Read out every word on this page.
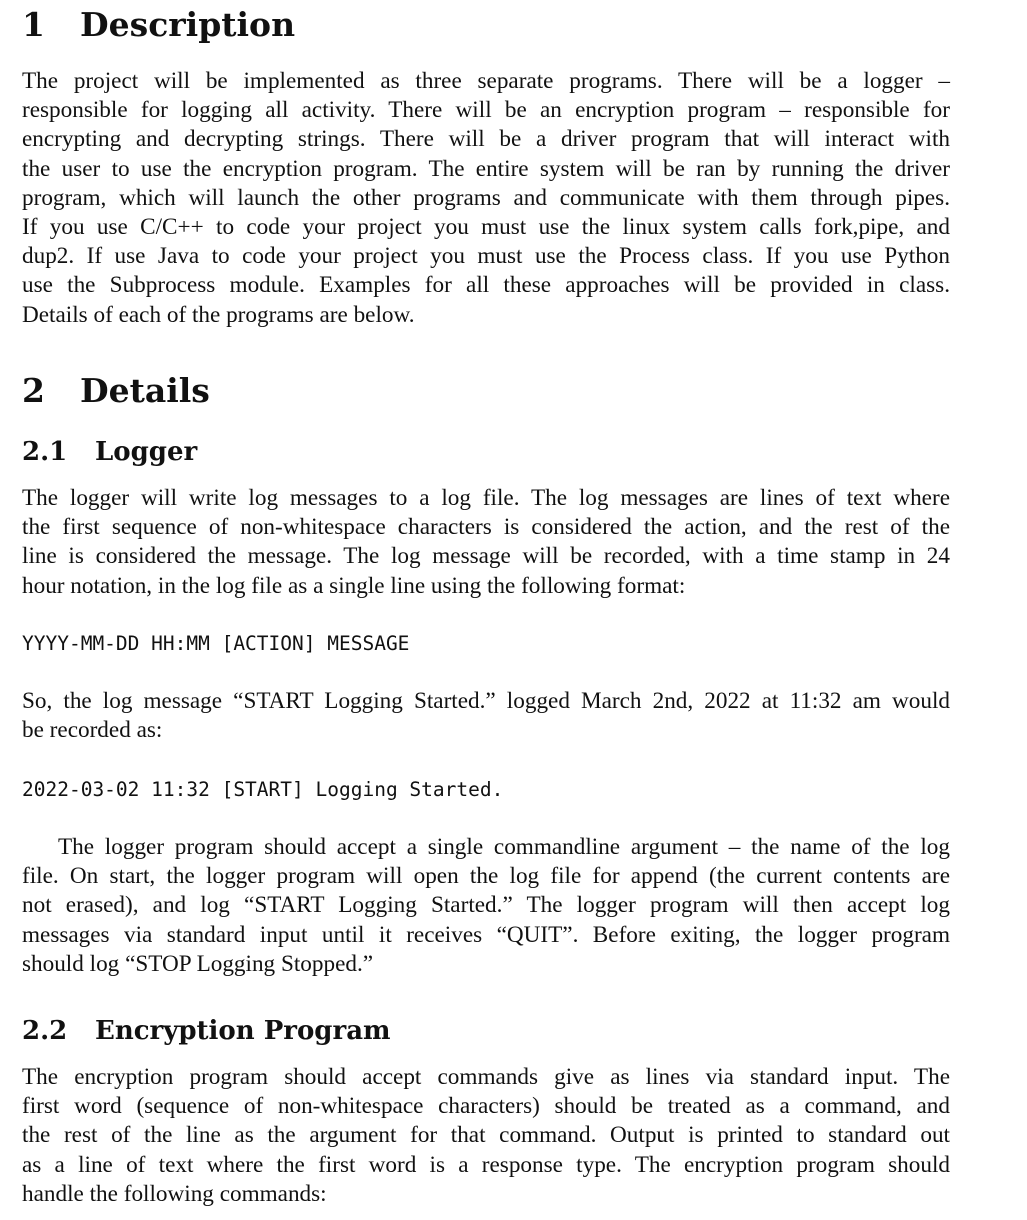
1 Description

The project will be implemented as three separate programs. There will be a logger –
responsible for logging all activity. There will be an encryption program – responsible for
encrypting and decrypting strings. There will be a driver program that will interact with
the user to use the encryption program. The entire system will be ran by running the driver
program, which will launch the other programs and communicate with them through pipes.
If you use C/C++ to code your project you must use the linux system calls fork,pipe, and
dup2. If use Java to code your project you must use the Process class. If you use Python
use the Subprocess module. Examples for all these approaches will be provided in class.
Details of each of the programs are below.

2 Details
2.1 Logger

The logger will write log messages to a log file. The log messages are lines of text where
the first sequence of non-whitespace characters is considered the action, and the rest of the
line is considered the message. The log message will be recorded, with a time stamp in 24
hour notation, in the log file as a single line using the following format:

YYYY-MM-DD HH:MM [ACTION] MESSAGE

So, the log message “START Logging Started.” logged March 2nd, 2022 at 11:32 am would
be recorded as:

2022-03-02 11:32 [START] Logging Started.

The logger program should accept a single commandline argument – the name of the log
file. On start, the logger program will open the log file for append (the current contents are
not erased), and log “START Logging Started.” The logger program will then accept log
messages via standard input until it receives “QUIT”. Before exiting, the logger program
should log “STOP Logging Stopped.”

2.2 Encryption Program

The encryption program should accept commands give as lines via standard input. The
first word (sequence of non-whitespace characters) should be treated as a command, and
the rest of the line as the argument for that command. Output is printed to standard out
as a line of text where the first word is a response type. The encryption program should
handle the following commands:
